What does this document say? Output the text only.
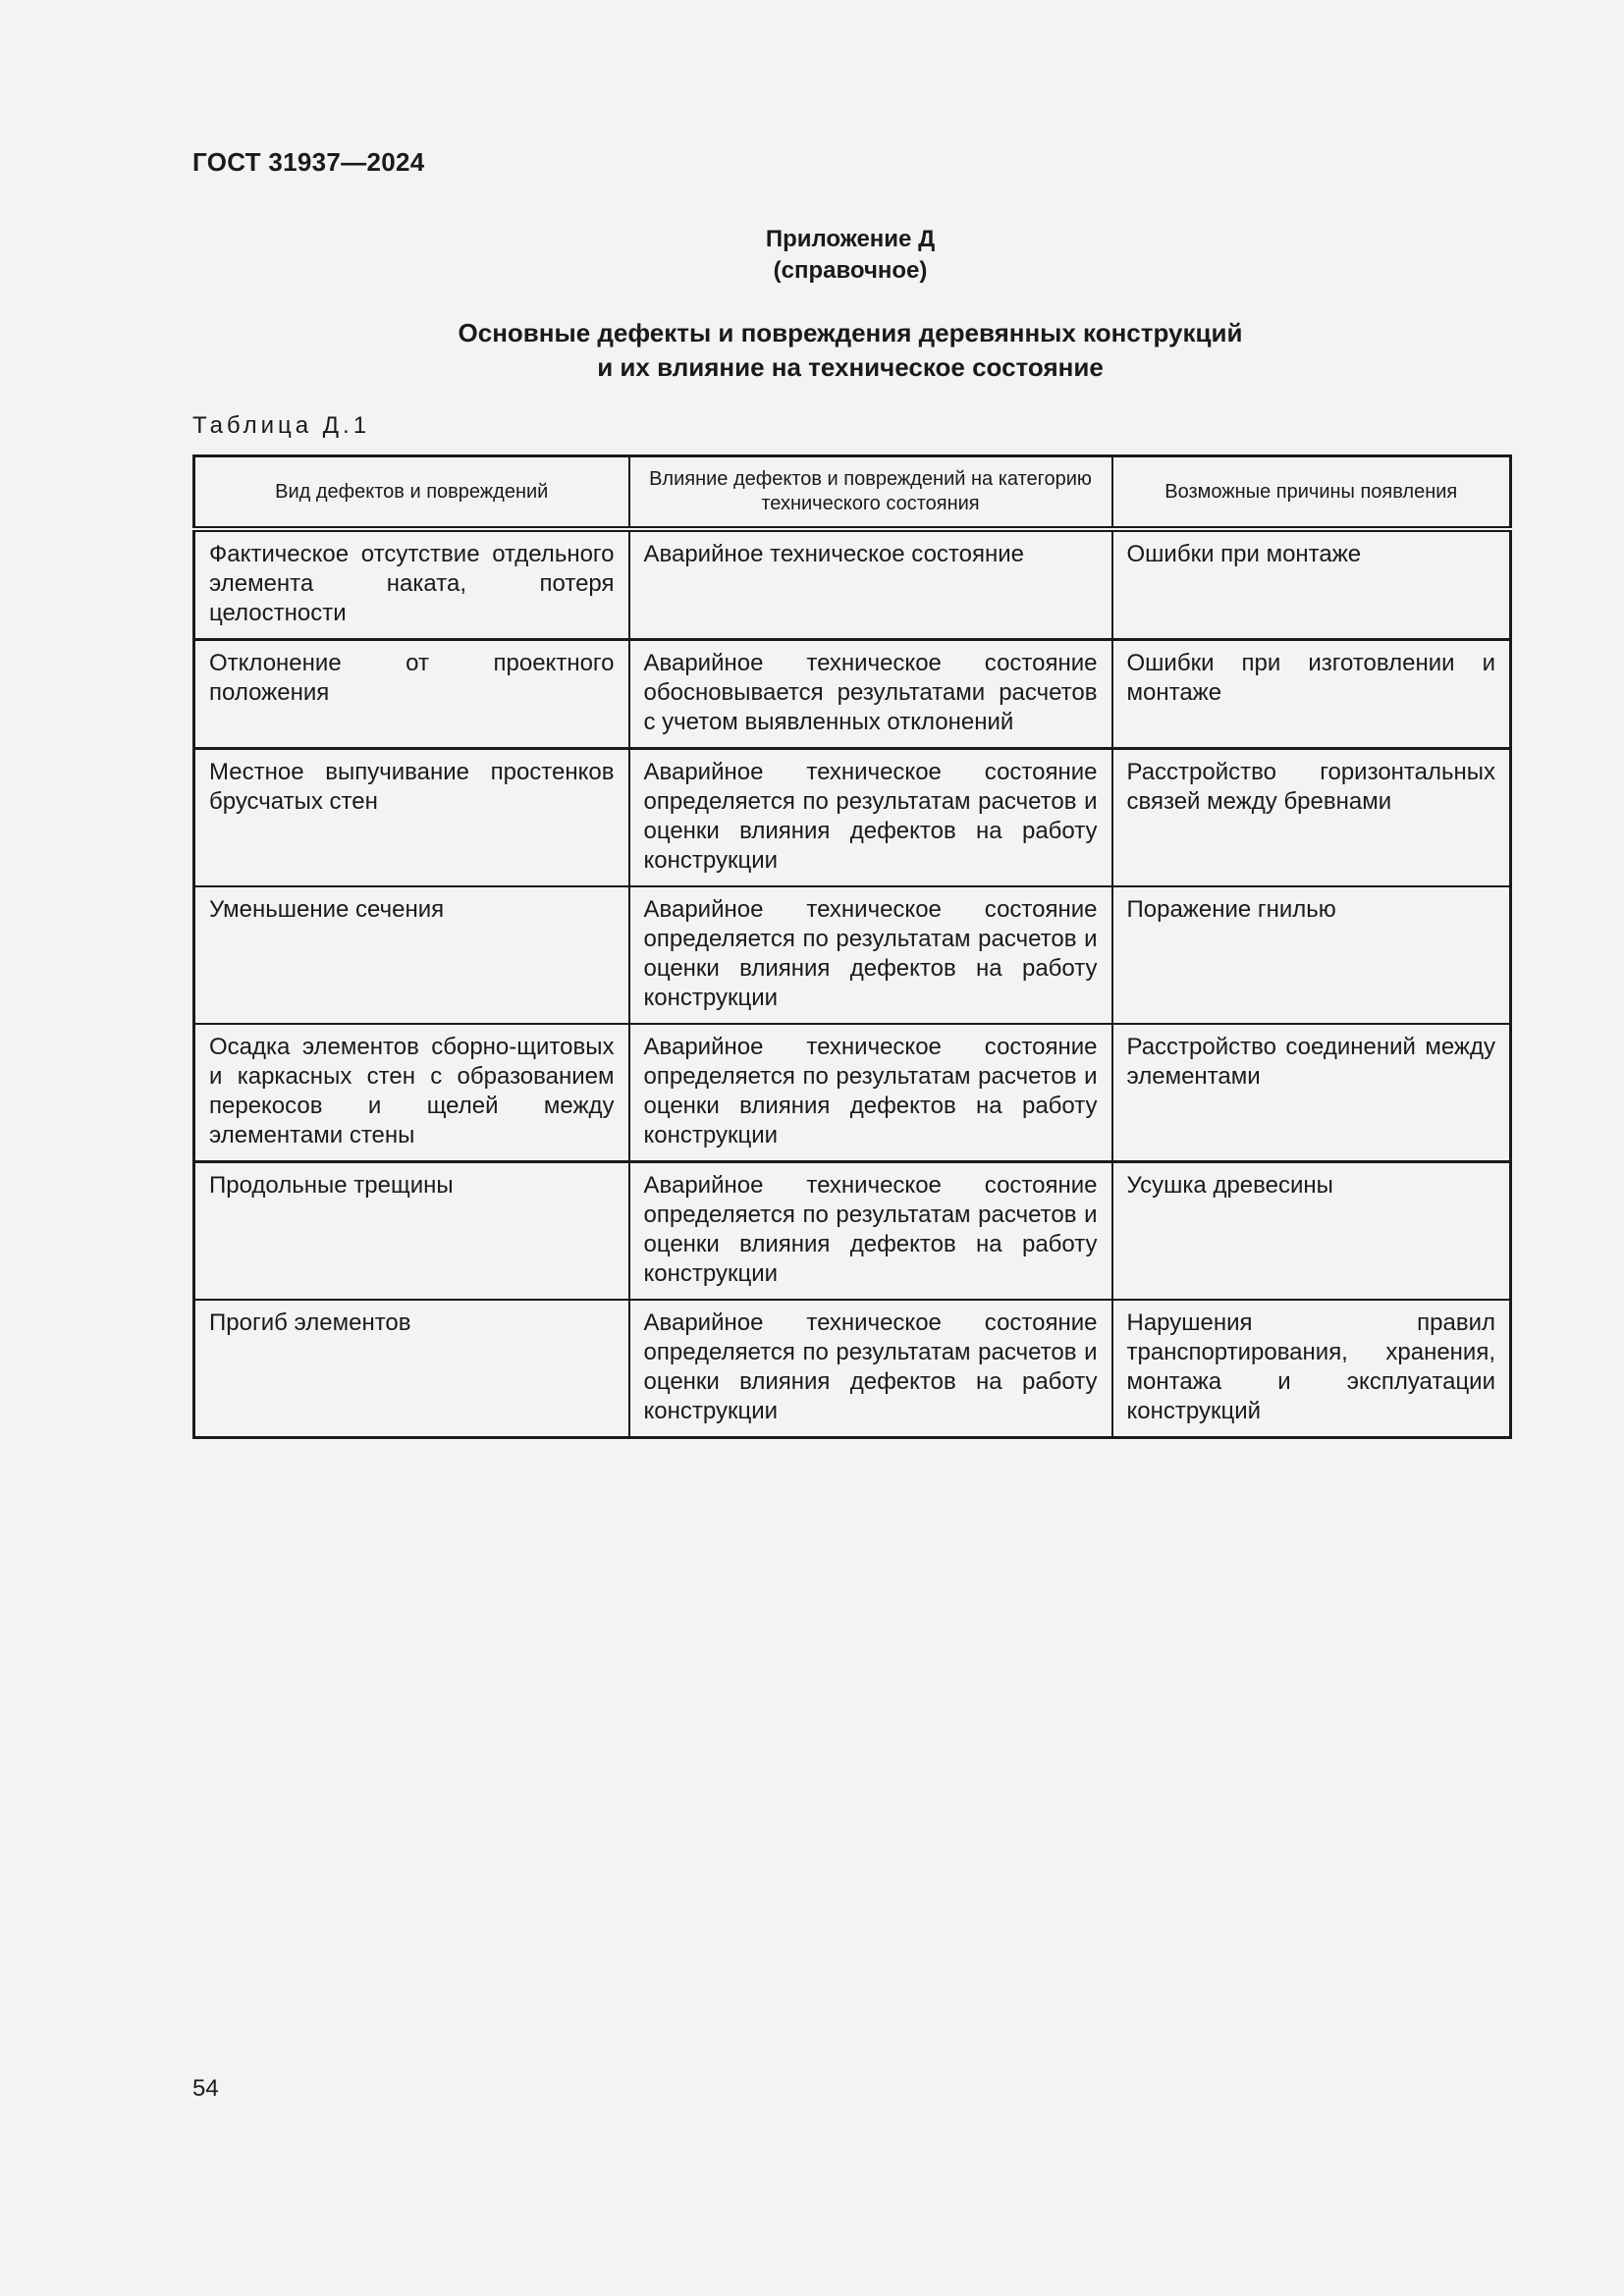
ГОСТ 31937—2024
Приложение Д
(справочное)
Основные дефекты и повреждения деревянных конструкций
и их влияние на техническое состояние
Таблица Д.1
Вид дефектов и повреждений	Влияние дефектов и повреждений на категорию технического состояния	Возможные причины появления
Фактическое отсутствие отдельного элемента наката, потеря целостности	Аварийное техническое состояние	Ошибки при монтаже
Отклонение от проектного положения	Аварийное техническое состояние обосновывается результатами расчетов с учетом выявленных отклонений	Ошибки при изготовлении и монтаже
Местное выпучивание простенков брусчатых стен	Аварийное техническое состояние определяется по результатам расчетов и оценки влияния дефектов на работу конструкции	Расстройство горизонтальных связей между бревнами
Уменьшение сечения	Аварийное техническое состояние определяется по результатам расчетов и оценки влияния дефектов на работу конструкции	Поражение гнилью
Осадка элементов сборно-щитовых и каркасных стен с образованием перекосов и щелей между элементами стены	Аварийное техническое состояние определяется по результатам расчетов и оценки влияния дефектов на работу конструкции	Расстройство соединений между элементами
Продольные трещины	Аварийное техническое состояние определяется по результатам расчетов и оценки влияния дефектов на работу конструкции	Усушка древесины
Прогиб элементов	Аварийное техническое состояние определяется по результатам расчетов и оценки влияния дефектов на работу конструкции	Нарушения правил транспортирования, хранения, монтажа и эксплуатации конструкций
54
